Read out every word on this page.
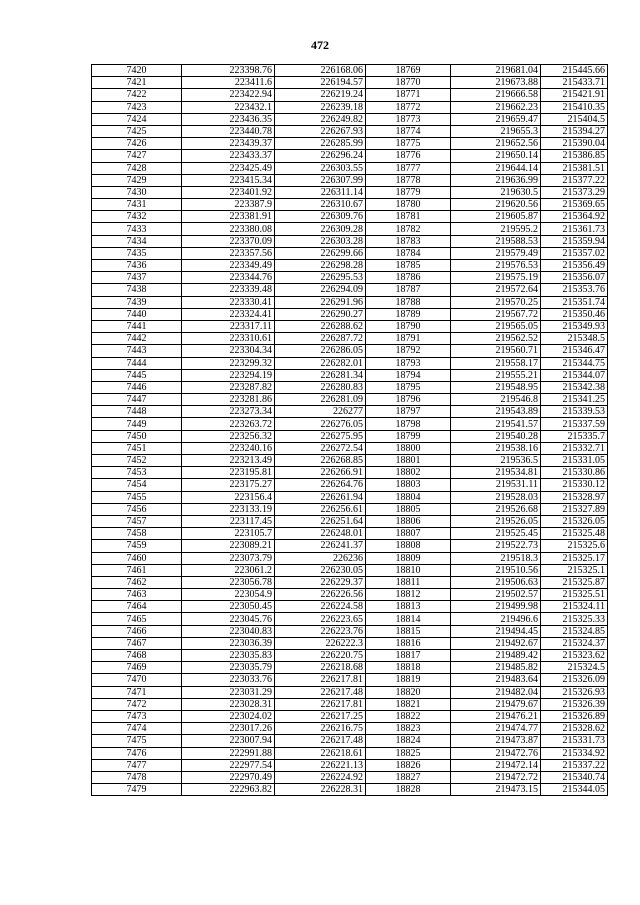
472
7420	223398.76	226168.06	18769	219681.04	215445.66
7421	223411.6	226194.57	18770	219673.88	215433.71
7422	223422.94	226219.24	18771	219666.58	215421.91
7423	223432.1	226239.18	18772	219662.23	215410.35
7424	223436.35	226249.82	18773	219659.47	215404.5
7425	223440.78	226267.93	18774	219655.3	215394.27
7426	223439.37	226285.99	18775	219652.56	215390.04
7427	223433.37	226296.24	18776	219650.14	215386.85
7428	223425.49	226303.55	18777	219644.14	215381.51
7429	223415.34	226307.99	18778	219636.99	215377.22
7430	223401.92	226311.14	18779	219630.5	215373.29
7431	223387.9	226310.67	18780	219620.56	215369.65
7432	223381.91	226309.76	18781	219605.87	215364.92
7433	223380.08	226309.28	18782	219595.2	215361.73
7434	223370.09	226303.28	18783	219588.53	215359.94
7435	223357.56	226299.66	18784	219579.49	215357.02
7436	223349.49	226298.28	18785	219576.53	215356.49
7437	223344.76	226295.53	18786	219575.19	215356.07
7438	223339.48	226294.09	18787	219572.64	215353.76
7439	223330.41	226291.96	18788	219570.25	215351.74
7440	223324.41	226290.27	18789	219567.72	215350.46
7441	223317.11	226288.62	18790	219565.05	215349.93
7442	223310.61	226287.72	18791	219562.52	215348.5
7443	223304.34	226286.05	18792	219560.71	215346.47
7444	223299.32	226282.01	18793	219558.17	215344.75
7445	223294.19	226281.34	18794	219555.21	215344.07
7446	223287.82	226280.83	18795	219548.95	215342.38
7447	223281.86	226281.09	18796	219546.8	215341.25
7448	223273.34	226277	18797	219543.89	215339.53
7449	223263.72	226276.05	18798	219541.57	215337.59
7450	223256.32	226275.95	18799	219540.28	215335.7
7451	223240.16	226272.54	18800	219538.16	215332.71
7452	223213.49	226268.85	18801	219536.5	215331.05
7453	223195.81	226266.91	18802	219534.81	215330.86
7454	223175.27	226264.76	18803	219531.11	215330.12
7455	223156.4	226261.94	18804	219528.03	215328.97
7456	223133.19	226256.61	18805	219526.68	215327.89
7457	223117.45	226251.64	18806	219526.05	215326.05
7458	223105.7	226248.01	18807	219525.45	215325.48
7459	223089.21	226241.37	18808	219522.73	215325.6
7460	223073.79	226236	18809	219518.3	215325.17
7461	223061.2	226230.05	18810	219510.56	215325.1
7462	223056.78	226229.37	18811	219506.63	215325.87
7463	223054.9	226226.56	18812	219502.57	215325.51
7464	223050.45	226224.58	18813	219499.98	215324.11
7465	223045.76	226223.65	18814	219496.6	215325.33
7466	223040.83	226223.76	18815	219494.45	215324.85
7467	223036.39	226222.3	18816	219492.67	215324.37
7468	223035.83	226220.75	18817	219489.42	215323.62
7469	223035.79	226218.68	18818	219485.82	215324.5
7470	223033.76	226217.81	18819	219483.64	215326.09
7471	223031.29	226217.48	18820	219482.04	215326.93
7472	223028.31	226217.81	18821	219479.67	215326.39
7473	223024.02	226217.25	18822	219476.21	215326.89
7474	223017.26	226216.75	18823	219474.77	215328.62
7475	223007.94	226217.48	18824	219473.87	215331.73
7476	222991.88	226218.61	18825	219472.76	215334.92
7477	222977.54	226221.13	18826	219472.14	215337.22
7478	222970.49	226224.92	18827	219472.72	215340.74
7479	222963.82	226228.31	18828	219473.15	215344.05
